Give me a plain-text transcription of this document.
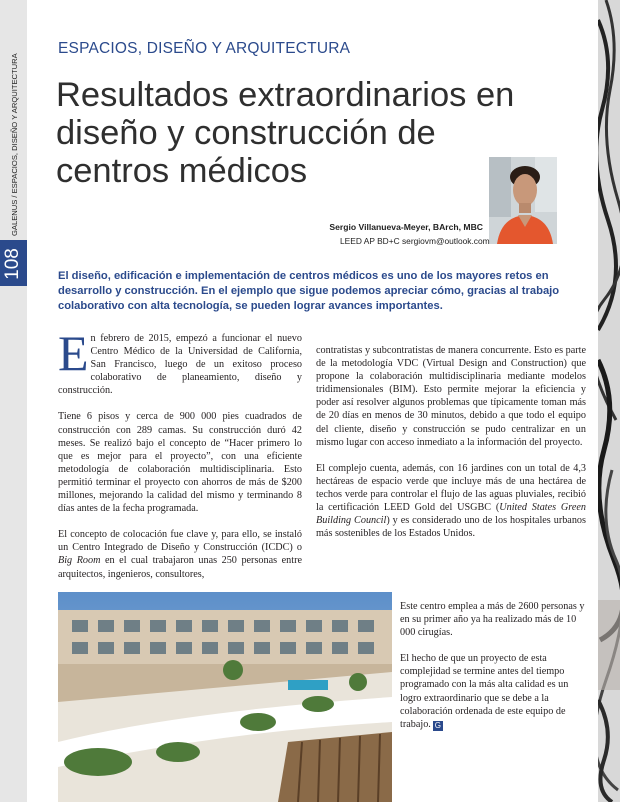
108
GALENUS / ESPACIOS, DISEÑO Y ARQUITECTURA
ESPACIOS, DISEÑO Y ARQUITECTURA
Resultados extraordinarios en diseño y construcción de centros médicos
Sergio Villanueva-Meyer, BArch, MBC
LEED AP BD+C sergiovm@outlook.com
El diseño, edificación e implementación de centros médicos es uno de los mayores retos en desarrollo y construcción. En el ejemplo que sigue podemos apreciar cómo, gracias al trabajo colaborativo con alta tecnología, se pueden lograr avances importantes.

En febrero de 2015, empezó a funcionar el nuevo Centro Médico de la Universidad de California, San Francisco, luego de un exitoso proceso colaborativo de planeamiento, diseño y construcción.

Tiene 6 pisos y cerca de 900 000 pies cuadrados de construcción con 289 camas. Su construcción duró 42 meses. Se realizó bajo el concepto de “Hacer primero lo que es mejor para el proyecto”, con una eficiente metodología de colaboración multidisciplinaria. Esto permitió terminar el proyecto con ahorros de más de $200 millones, mejorando la calidad del mismo y terminando 8 días antes de la fecha programada.

El concepto de colocación fue clave y, para ello, se instaló un Centro Integrado de Diseño y Construcción (ICDC) o Big Room en el cual trabajaron unas 250 personas entre arquitectos, ingenieros, consultores,

contratistas y subcontratistas de manera concurrente. Esto es parte de la metodología VDC (Virtual Design and Construction) que propone la colaboración multidisciplinaria mediante modelos tridimensionales (BIM). Esto permite mejorar la eficiencia y poder así resolver algunos problemas que típicamente toman más de 20 días en menos de 30 minutos, debido a que todo el equipo del cliente, diseño y construcción se pudo centralizar en un mismo lugar con acceso inmediato a la información del proyecto.

El complejo cuenta, además, con 16 jardines con un total de 4,3 hectáreas de espacio verde que incluye más de una hectárea de techos verde para controlar el flujo de las aguas pluviales, recibió la certificación LEED Gold del USGBC (United States Green Building Council) y es considerado uno de los hospitales urbanos más sostenibles de los Estados Unidos.

Este centro emplea a más de 2600 personas y en su primer año ya ha realizado más de 10 000 cirugías.

El hecho de que un proyecto de esta complejidad se termine antes del tiempo programado con la más alta calidad es un logro extraordinario que se debe a la colaboración ordenada de este equipo de trabajo. G
